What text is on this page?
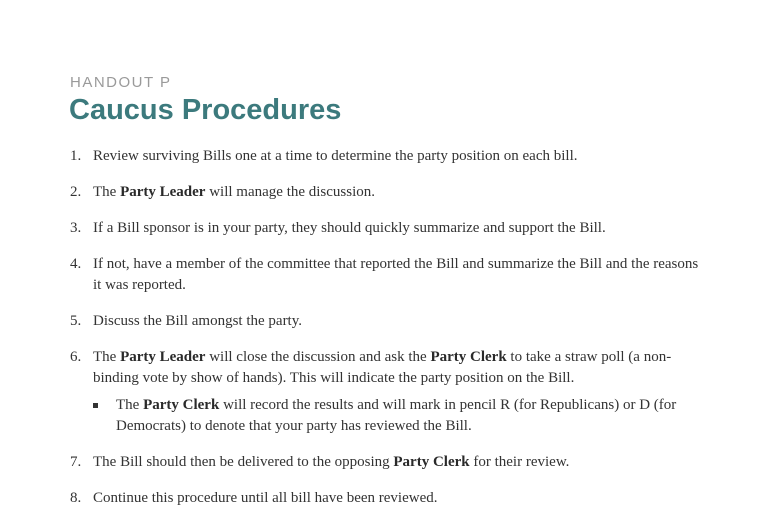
HANDOUT P
Caucus Procedures
1. Review surviving Bills one at a time to determine the party position on each bill.
2. The Party Leader will manage the discussion.
3. If a Bill sponsor is in your party, they should quickly summarize and support the Bill.
4. If not, have a member of the committee that reported the Bill and summarize the Bill and the reasons it was reported.
5. Discuss the Bill amongst the party.
6. The Party Leader will close the discussion and ask the Party Clerk to take a straw poll (a non-binding vote by show of hands). This will indicate the party position on the Bill.
The Party Clerk will record the results and will mark in pencil R (for Republicans) or D (for Democrats) to denote that your party has reviewed the Bill.
7. The Bill should then be delivered to the opposing Party Clerk for their review.
8. Continue this procedure until all bill have been reviewed.
